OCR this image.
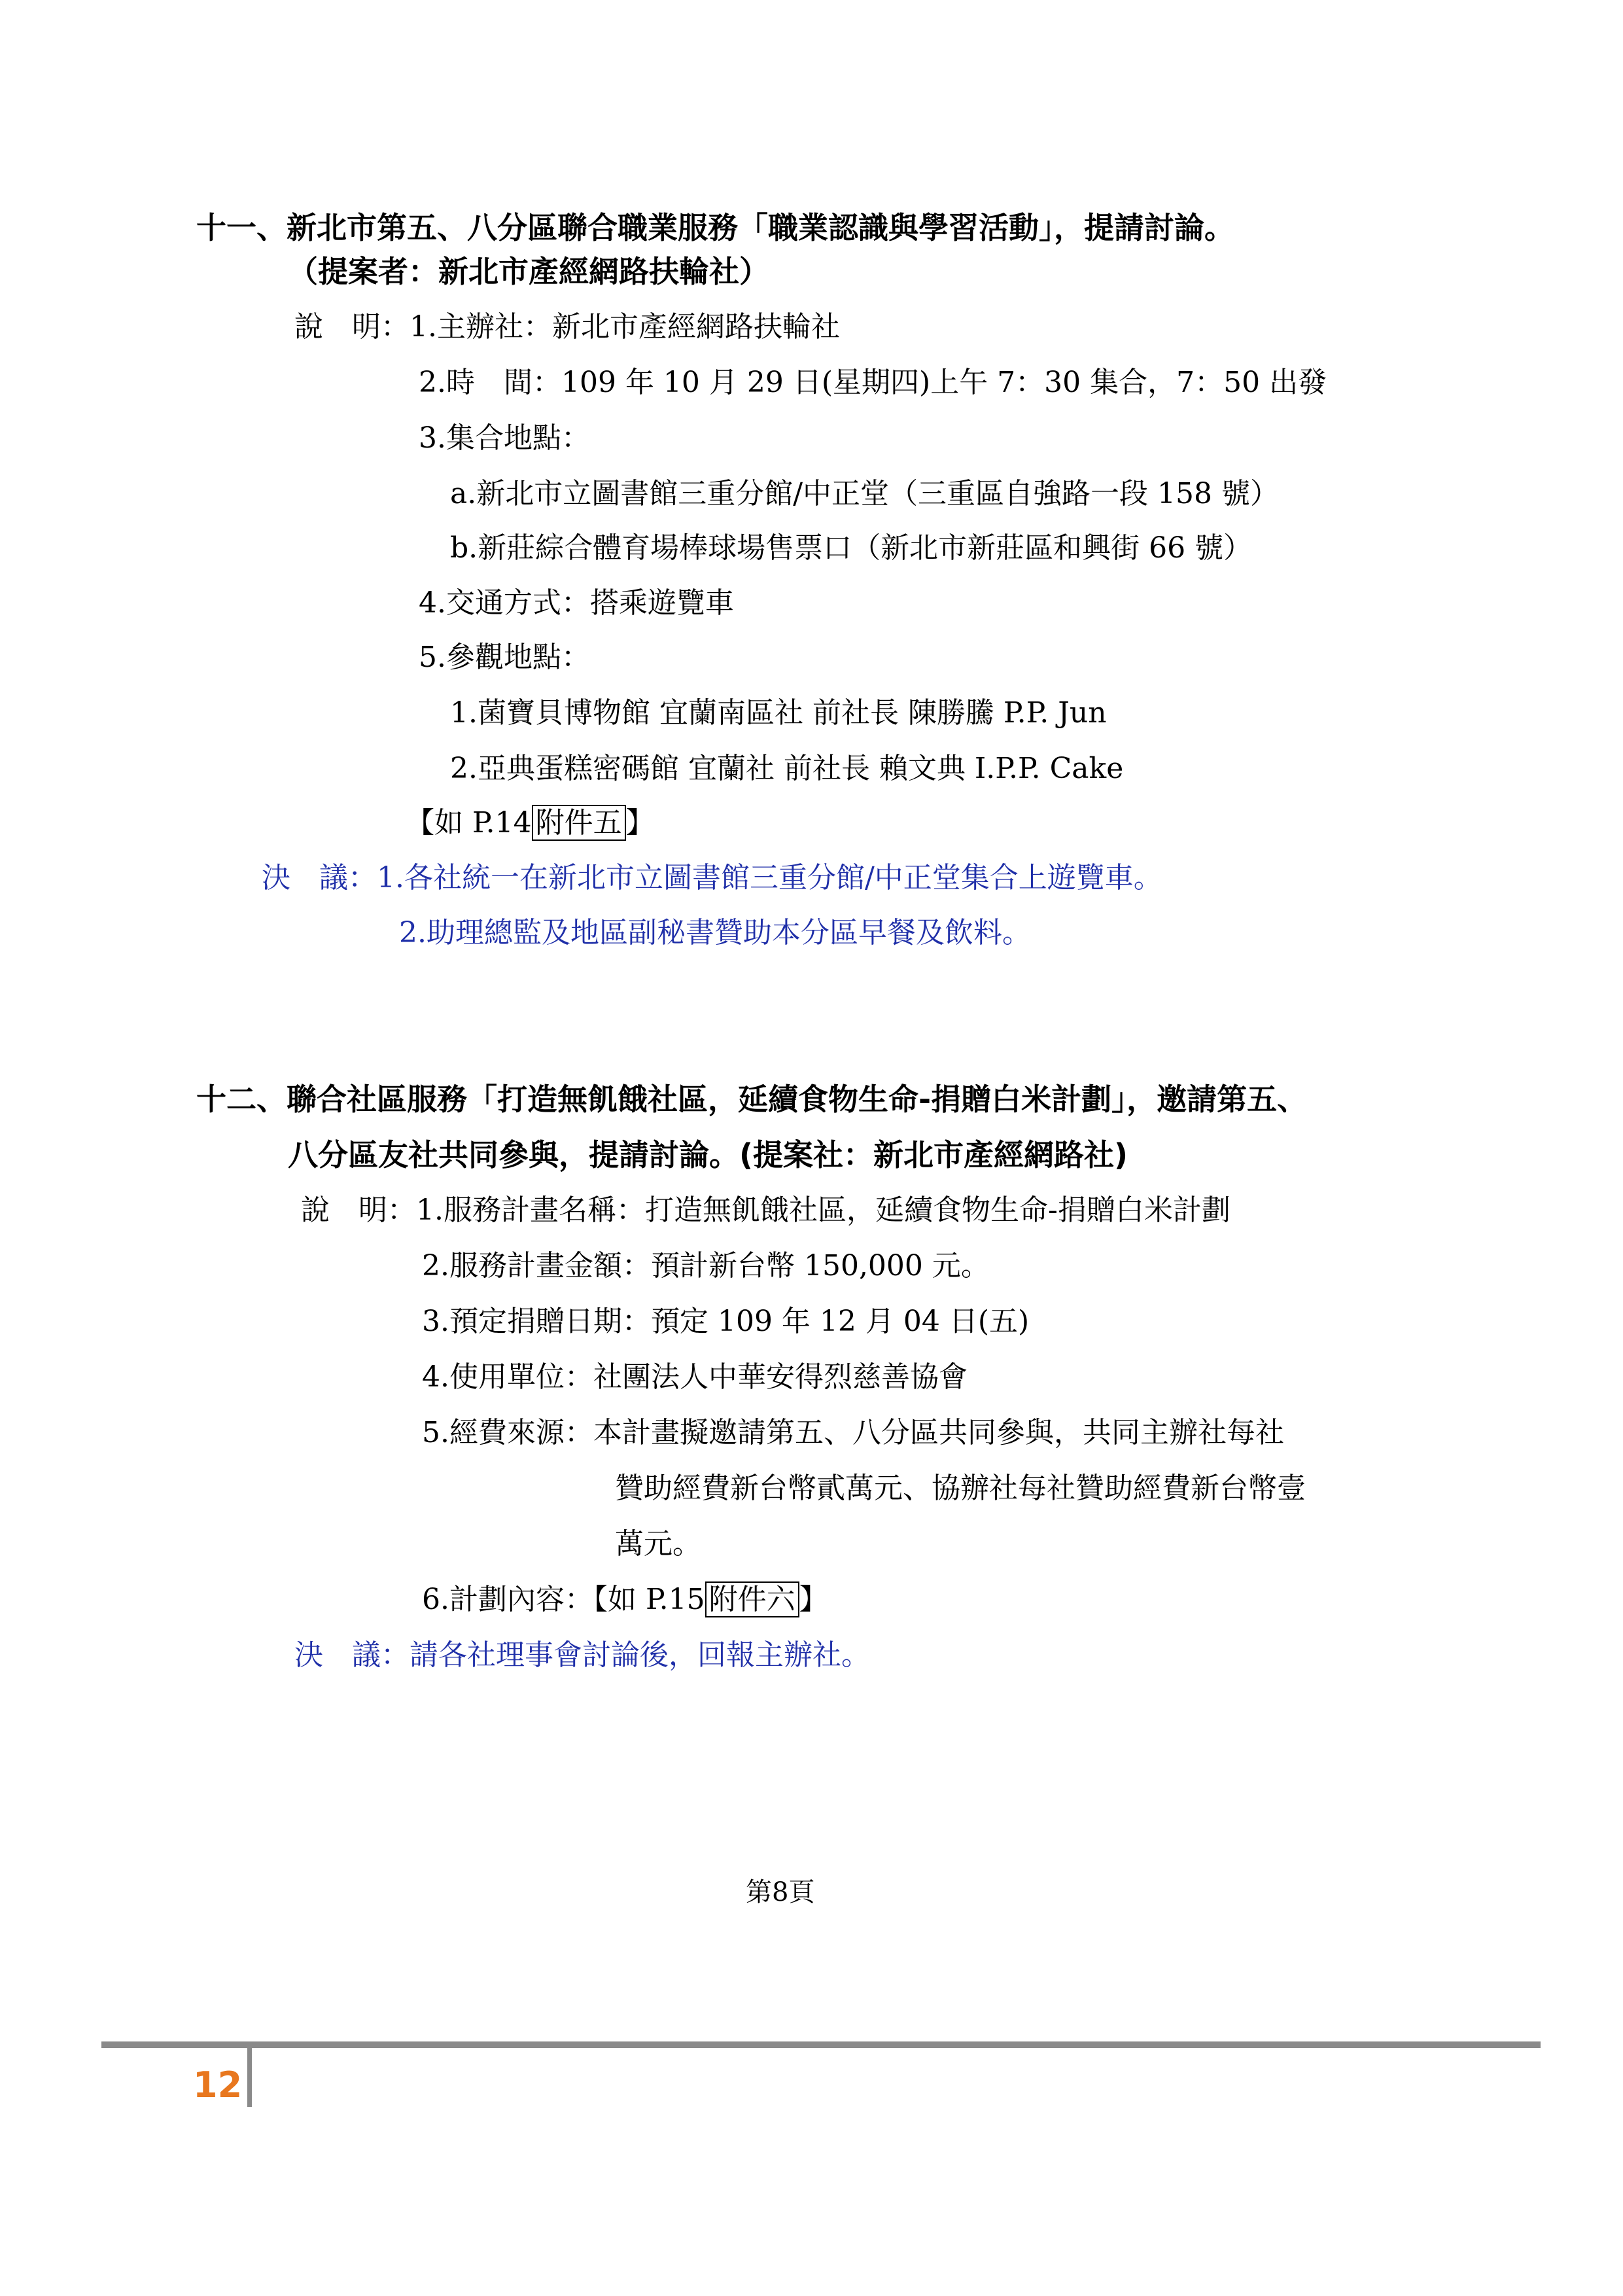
十一、新北市第五、八分區聯合職業服務「職業認識與學習活動」，提請討論。
（提案者：新北市產經網路扶輪社）
說　明：1.主辦社：新北市產經網路扶輪社
2.時　間：109 年 10 月 29 日(星期四)上午 7：30 集合，7：50 出發
3.集合地點：
a.新北市立圖書館三重分館/中正堂（三重區自強路一段 158 號）
b.新莊綜合體育場棒球場售票口（新北市新莊區和興街 66 號）
4.交通方式：搭乘遊覽車
5.參觀地點：
1.菌寶貝博物館 宜蘭南區社 前社長 陳勝騰 P.P. Jun
2.亞典蛋糕密碼館 宜蘭社 前社長 賴文典 I.P.P. Cake
【如 P.14 附件五 】
決　議：1.各社統一在新北市立圖書館三重分館/中正堂集合上遊覽車。
2.助理總監及地區副秘書贊助本分區早餐及飲料。
十二、聯合社區服務「打造無飢餓社區，延續食物生命-捐贈白米計劃」，邀請第五、
八分區友社共同參與，提請討論。(提案社：新北市產經網路社)
說　明：1.服務計畫名稱：打造無飢餓社區，延續食物生命-捐贈白米計劃
2.服務計畫金額：預計新台幣 150,000 元。
3.預定捐贈日期：預定 109 年 12 月 04 日(五)
4.使用單位：社團法人中華安得烈慈善協會
5.經費來源：本計畫擬邀請第五、八分區共同參與，共同主辦社每社
贊助經費新台幣貳萬元、協辦社每社贊助經費新台幣壹
萬元。
6.計劃內容：【如 P.15 附件六 】
決　議：請各社理事會討論後，回報主辦社。
第8頁
12
